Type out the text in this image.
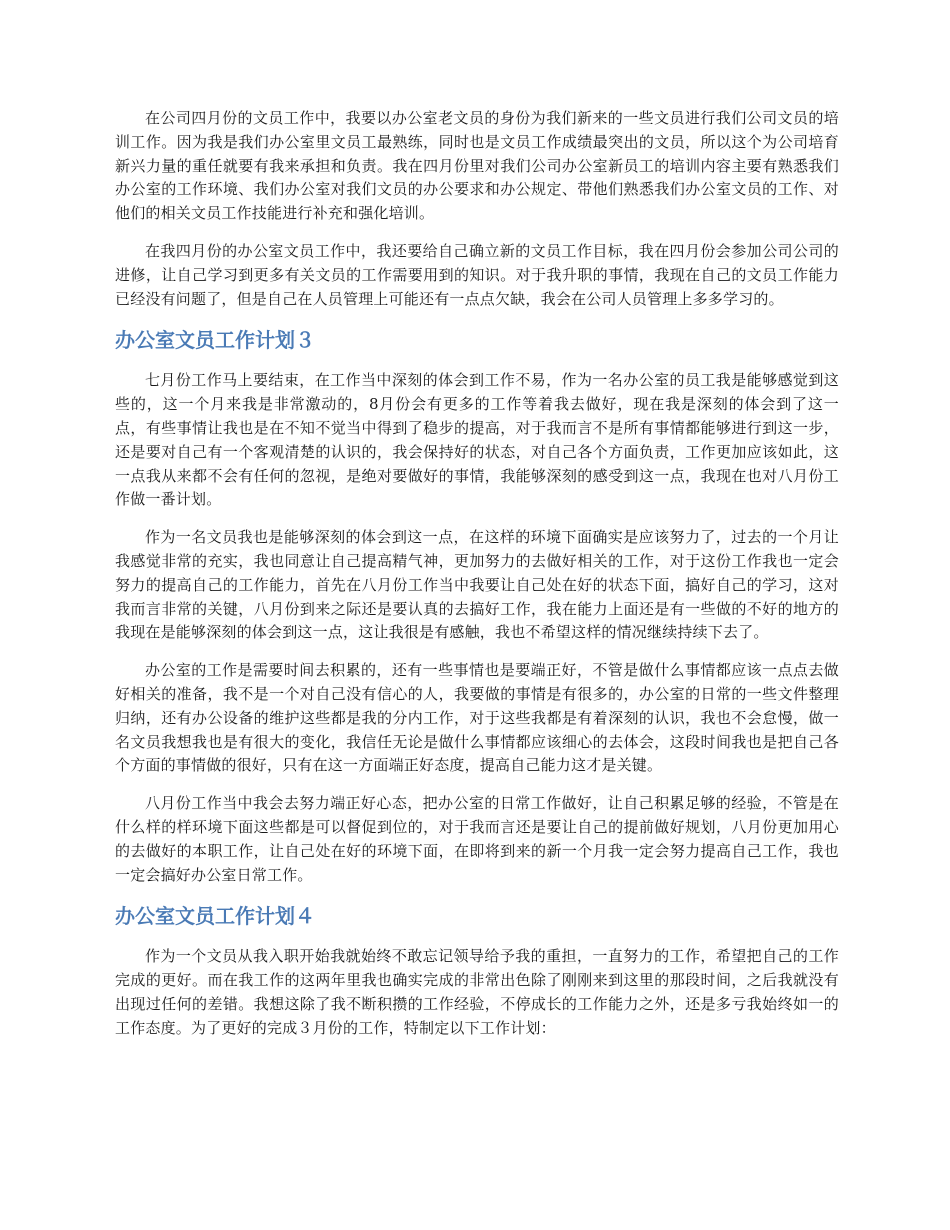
在公司四月份的文员工作中，我要以办公室老文员的身份为我们新来的一些文员进行我们公司文员的培训工作。因为我是我们办公室里文员工最熟练，同时也是文员工作成绩最突出的文员，所以这个为公司培育新兴力量的重任就要有我来承担和负责。我在四月份里对我们公司办公室新员工的培训内容主要有熟悉我们办公室的工作环境、我们办公室对我们文员的办公要求和办公规定、带他们熟悉我们办公室文员的工作、对他们的相关文员工作技能进行补充和强化培训。

在我四月份的办公室文员工作中，我还要给自己确立新的文员工作目标，我在四月份会参加公司公司的进修，让自己学习到更多有关文员的工作需要用到的知识。对于我升职的事情，我现在自己的文员工作能力已经没有问题了，但是自己在人员管理上可能还有一点点欠缺，我会在公司人员管理上多多学习的。

办公室文员工作计划３

七月份工作马上要结束，在工作当中深刻的体会到工作不易，作为一名办公室的员工我是能够感觉到这些的，这一个月来我是非常激动的，8月份会有更多的工作等着我去做好，现在我是深刻的体会到了这一点，有些事情让我也是在不知不觉当中得到了稳步的提高，对于我而言不是所有事情都能够进行到这一步，还是要对自己有一个客观清楚的认识的，我会保持好的状态，对自己各个方面负责，工作更加应该如此，这一点我从来都不会有任何的忽视，是绝对要做好的事情，我能够深刻的感受到这一点，我现在也对八月份工作做一番计划。

作为一名文员我也是能够深刻的体会到这一点，在这样的环境下面确实是应该努力了，过去的一个月让我感觉非常的充实，我也同意让自己提高精气神，更加努力的去做好相关的工作，对于这份工作我也一定会努力的提高自己的工作能力，首先在八月份工作当中我要让自己处在好的状态下面，搞好自己的学习，这对我而言非常的关键，八月份到来之际还是要认真的去搞好工作，我在能力上面还是有一些做的不好的地方的我现在是能够深刻的体会到这一点，这让我很是有感触，我也不希望这样的情况继续持续下去了。

办公室的工作是需要时间去积累的，还有一些事情也是要端正好，不管是做什么事情都应该一点点去做好相关的准备，我不是一个对自己没有信心的人，我要做的事情是有很多的，办公室的日常的一些文件整理归纳，还有办公设备的维护这些都是我的分内工作，对于这些我都是有着深刻的认识，我也不会怠慢，做一名文员我想我也是有很大的变化，我信任无论是做什么事情都应该细心的去体会，这段时间我也是把自己各个方面的事情做的很好，只有在这一方面端正好态度，提高自己能力这才是关键。

八月份工作当中我会去努力端正好心态，把办公室的日常工作做好，让自己积累足够的经验，不管是在什么样的样环境下面这些都是可以督促到位的，对于我而言还是要让自己的提前做好规划，八月份更加用心的去做好的本职工作，让自己处在好的环境下面，在即将到来的新一个月我一定会努力提高自己工作，我也一定会搞好办公室日常工作。

办公室文员工作计划４

作为一个文员从我入职开始我就始终不敢忘记领导给予我的重担，一直努力的工作，希望把自己的工作完成的更好。而在我工作的这两年里我也确实完成的非常出色除了刚刚来到这里的那段时间，之后我就没有出现过任何的差错。我想这除了我不断积攒的工作经验，不停成长的工作能力之外，还是多亏我始终如一的工作态度。为了更好的完成３月份的工作，特制定以下工作计划：
